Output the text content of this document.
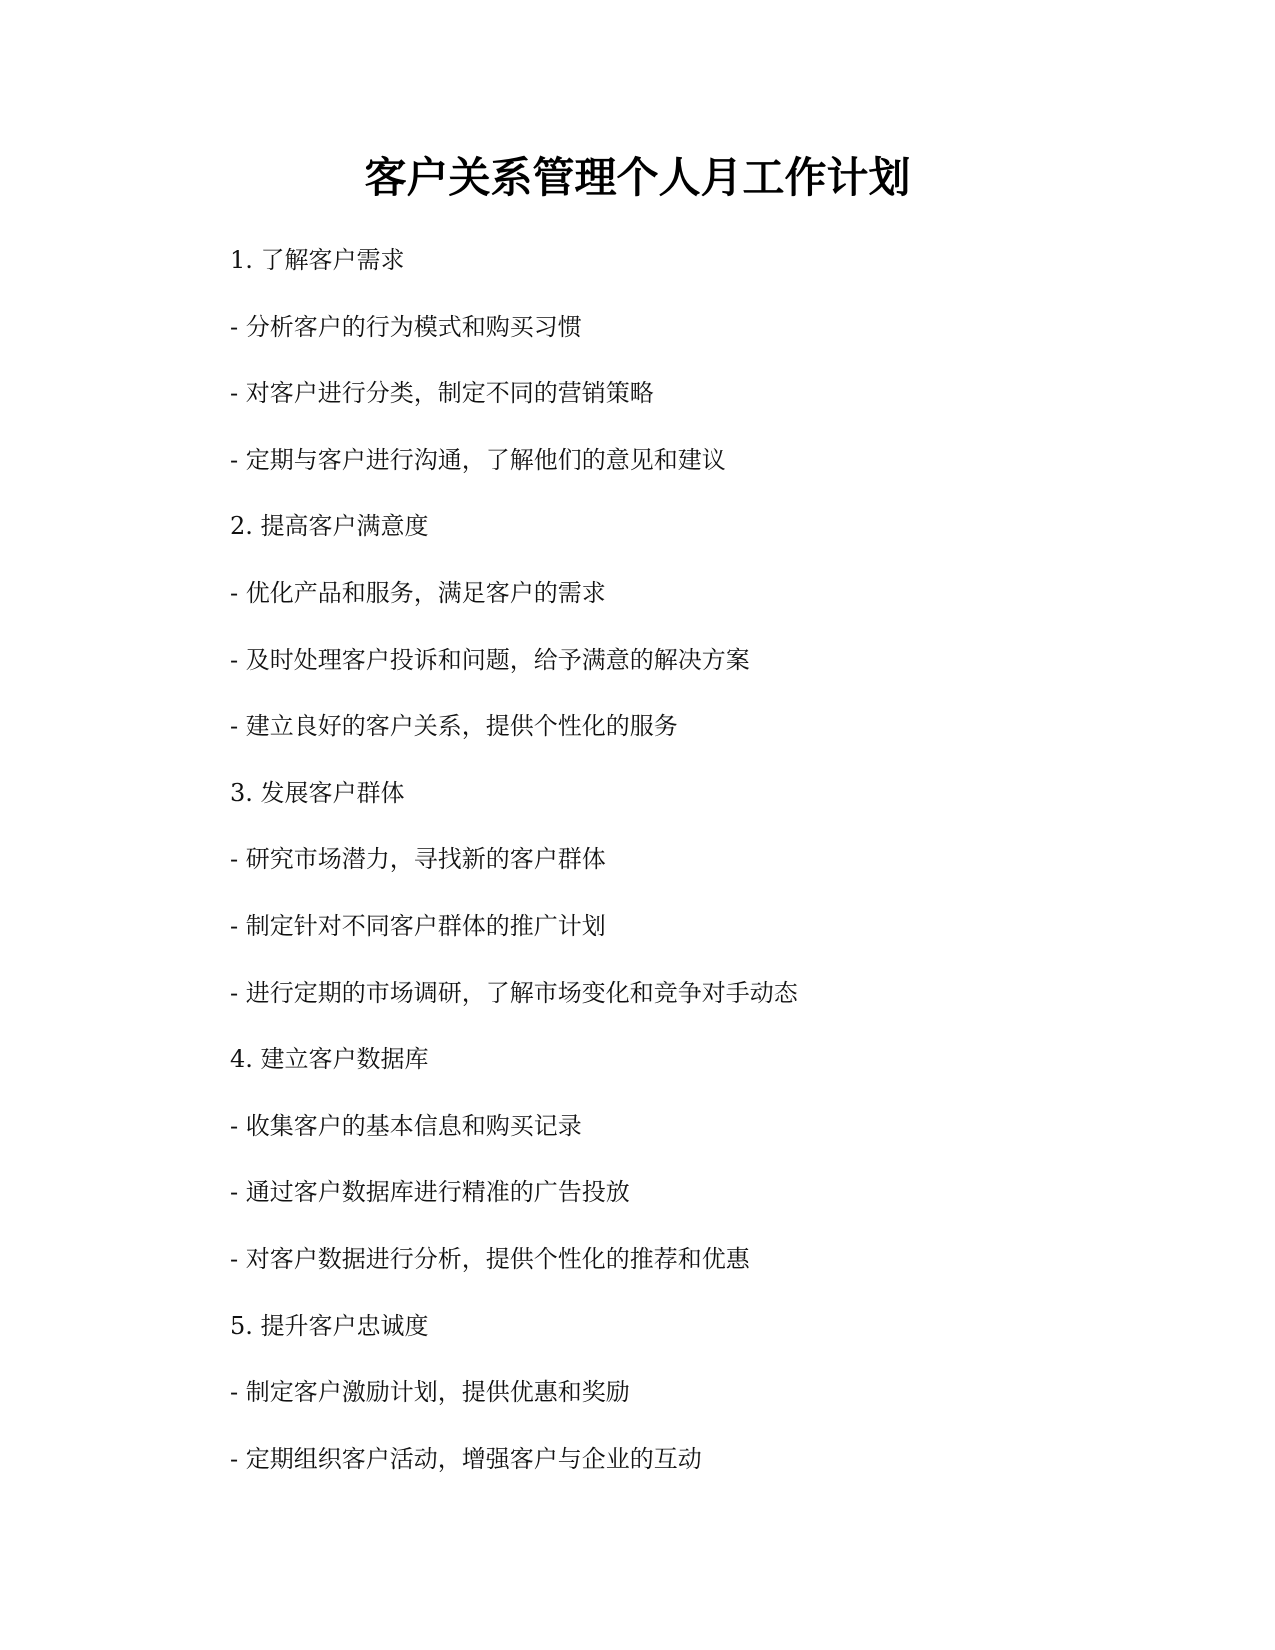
客户关系管理个人月工作计划

1. 了解客户需求

- 分析客户的行为模式和购买习惯

- 对客户进行分类，制定不同的营销策略

- 定期与客户进行沟通，了解他们的意见和建议

2. 提高客户满意度

- 优化产品和服务，满足客户的需求

- 及时处理客户投诉和问题，给予满意的解决方案

- 建立良好的客户关系，提供个性化的服务

3. 发展客户群体

- 研究市场潜力，寻找新的客户群体

- 制定针对不同客户群体的推广计划

- 进行定期的市场调研，了解市场变化和竞争对手动态

4. 建立客户数据库

- 收集客户的基本信息和购买记录

- 通过客户数据库进行精准的广告投放

- 对客户数据进行分析，提供个性化的推荐和优惠

5. 提升客户忠诚度

- 制定客户激励计划，提供优惠和奖励

- 定期组织客户活动，增强客户与企业的互动
